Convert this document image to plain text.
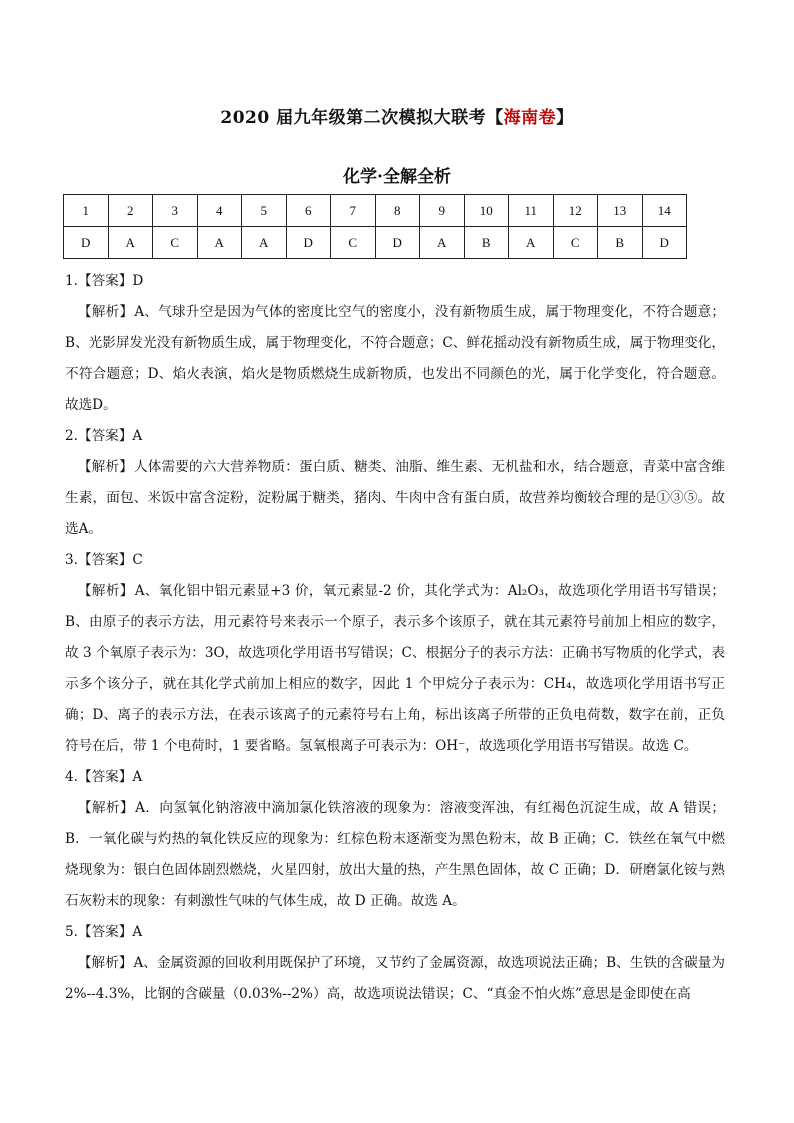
2020 届九年级第二次模拟大联考【海南卷】
化学·全解全析
1	2	3	4	5	6	7	8	9	10	11	12	13	14
D	A	C	A	A	D	C	D	A	B	A	C	B	D

1.【答案】D

【解析】A、气球升空是因为气体的密度比空气的密度小，没有新物质生成，属于物理变化，不符合题意；B、光影屏发光没有新物质生成，属于物理变化，不符合题意；C、鲜花摇动没有新物质生成，属于物理变化，不符合题意；D、焰火表演，焰火是物质燃烧生成新物质，也发出不同颜色的光，属于化学变化，符合题意。故选D。

2.【答案】A

【解析】人体需要的六大营养物质：蛋白质、糖类、油脂、维生素、无机盐和水，结合题意，青菜中富含维生素，面包、米饭中富含淀粉，淀粉属于糖类，猪肉、牛肉中含有蛋白质，故营养均衡较合理的是①③⑤。故选A。

3.【答案】C

【解析】A、氧化铝中铝元素显+3 价，氧元素显-2 价，其化学式为：Al₂O₃，故选项化学用语书写错误；B、由原子的表示方法，用元素符号来表示一个原子，表示多个该原子，就在其元素符号前加上相应的数字，故 3 个氧原子表示为：3O，故选项化学用语书写错误；C、根据分子的表示方法：正确书写物质的化学式，表示多个该分子，就在其化学式前加上相应的数字，因此 1 个甲烷分子表示为：CH₄，故选项化学用语书写正确；D、离子的表示方法，在表示该离子的元素符号右上角，标出该离子所带的正负电荷数，数字在前，正负符号在后，带 1 个电荷时，1 要省略。氢氧根离子可表示为：OH⁻，故选项化学用语书写错误。故选 C。

4.【答案】A

【解析】A．向氢氧化钠溶液中滴加氯化铁溶液的现象为：溶液变浑浊，有红褐色沉淀生成，故 A 错误；B．一氧化碳与灼热的氧化铁反应的现象为：红棕色粉末逐渐变为黑色粉末，故 B 正确；C．铁丝在氧气中燃烧现象为：银白色固体剧烈燃烧，火星四射，放出大量的热，产生黑色固体，故 C 正确；D．研磨氯化铵与熟石灰粉末的现象：有刺激性气味的气体生成，故 D 正确。故选 A。

5.【答案】A

【解析】A、金属资源的回收利用既保护了环境，又节约了金属资源，故选项说法正确；B、生铁的含碳量为 2%--4.3%，比钢的含碳量（0.03%--2%）高，故选项说法错误；C、“真金不怕火炼”意思是金即使在高
